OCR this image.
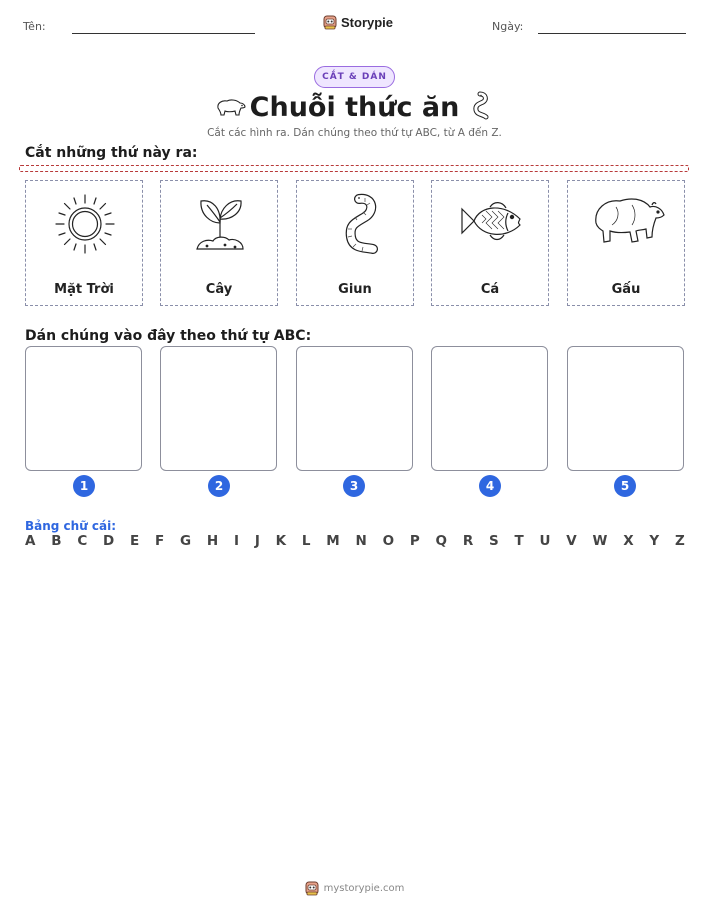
Tên:	Storypie	Ngày:
CẮT & DÁN
Chuỗi thức ăn
Cắt các hình ra. Dán chúng theo thứ tự ABC, từ A đến Z.
Cắt những thứ này ra:
Mặt Trời	Cây	Giun	Cá	Gấu
Dán chúng vào đây theo thứ tự ABC:
1	2	3	4	5
Bảng chữ cái:
A B C D E F G H I J K L M N O P Q R S T U V W X Y Z
mystorypie.com
